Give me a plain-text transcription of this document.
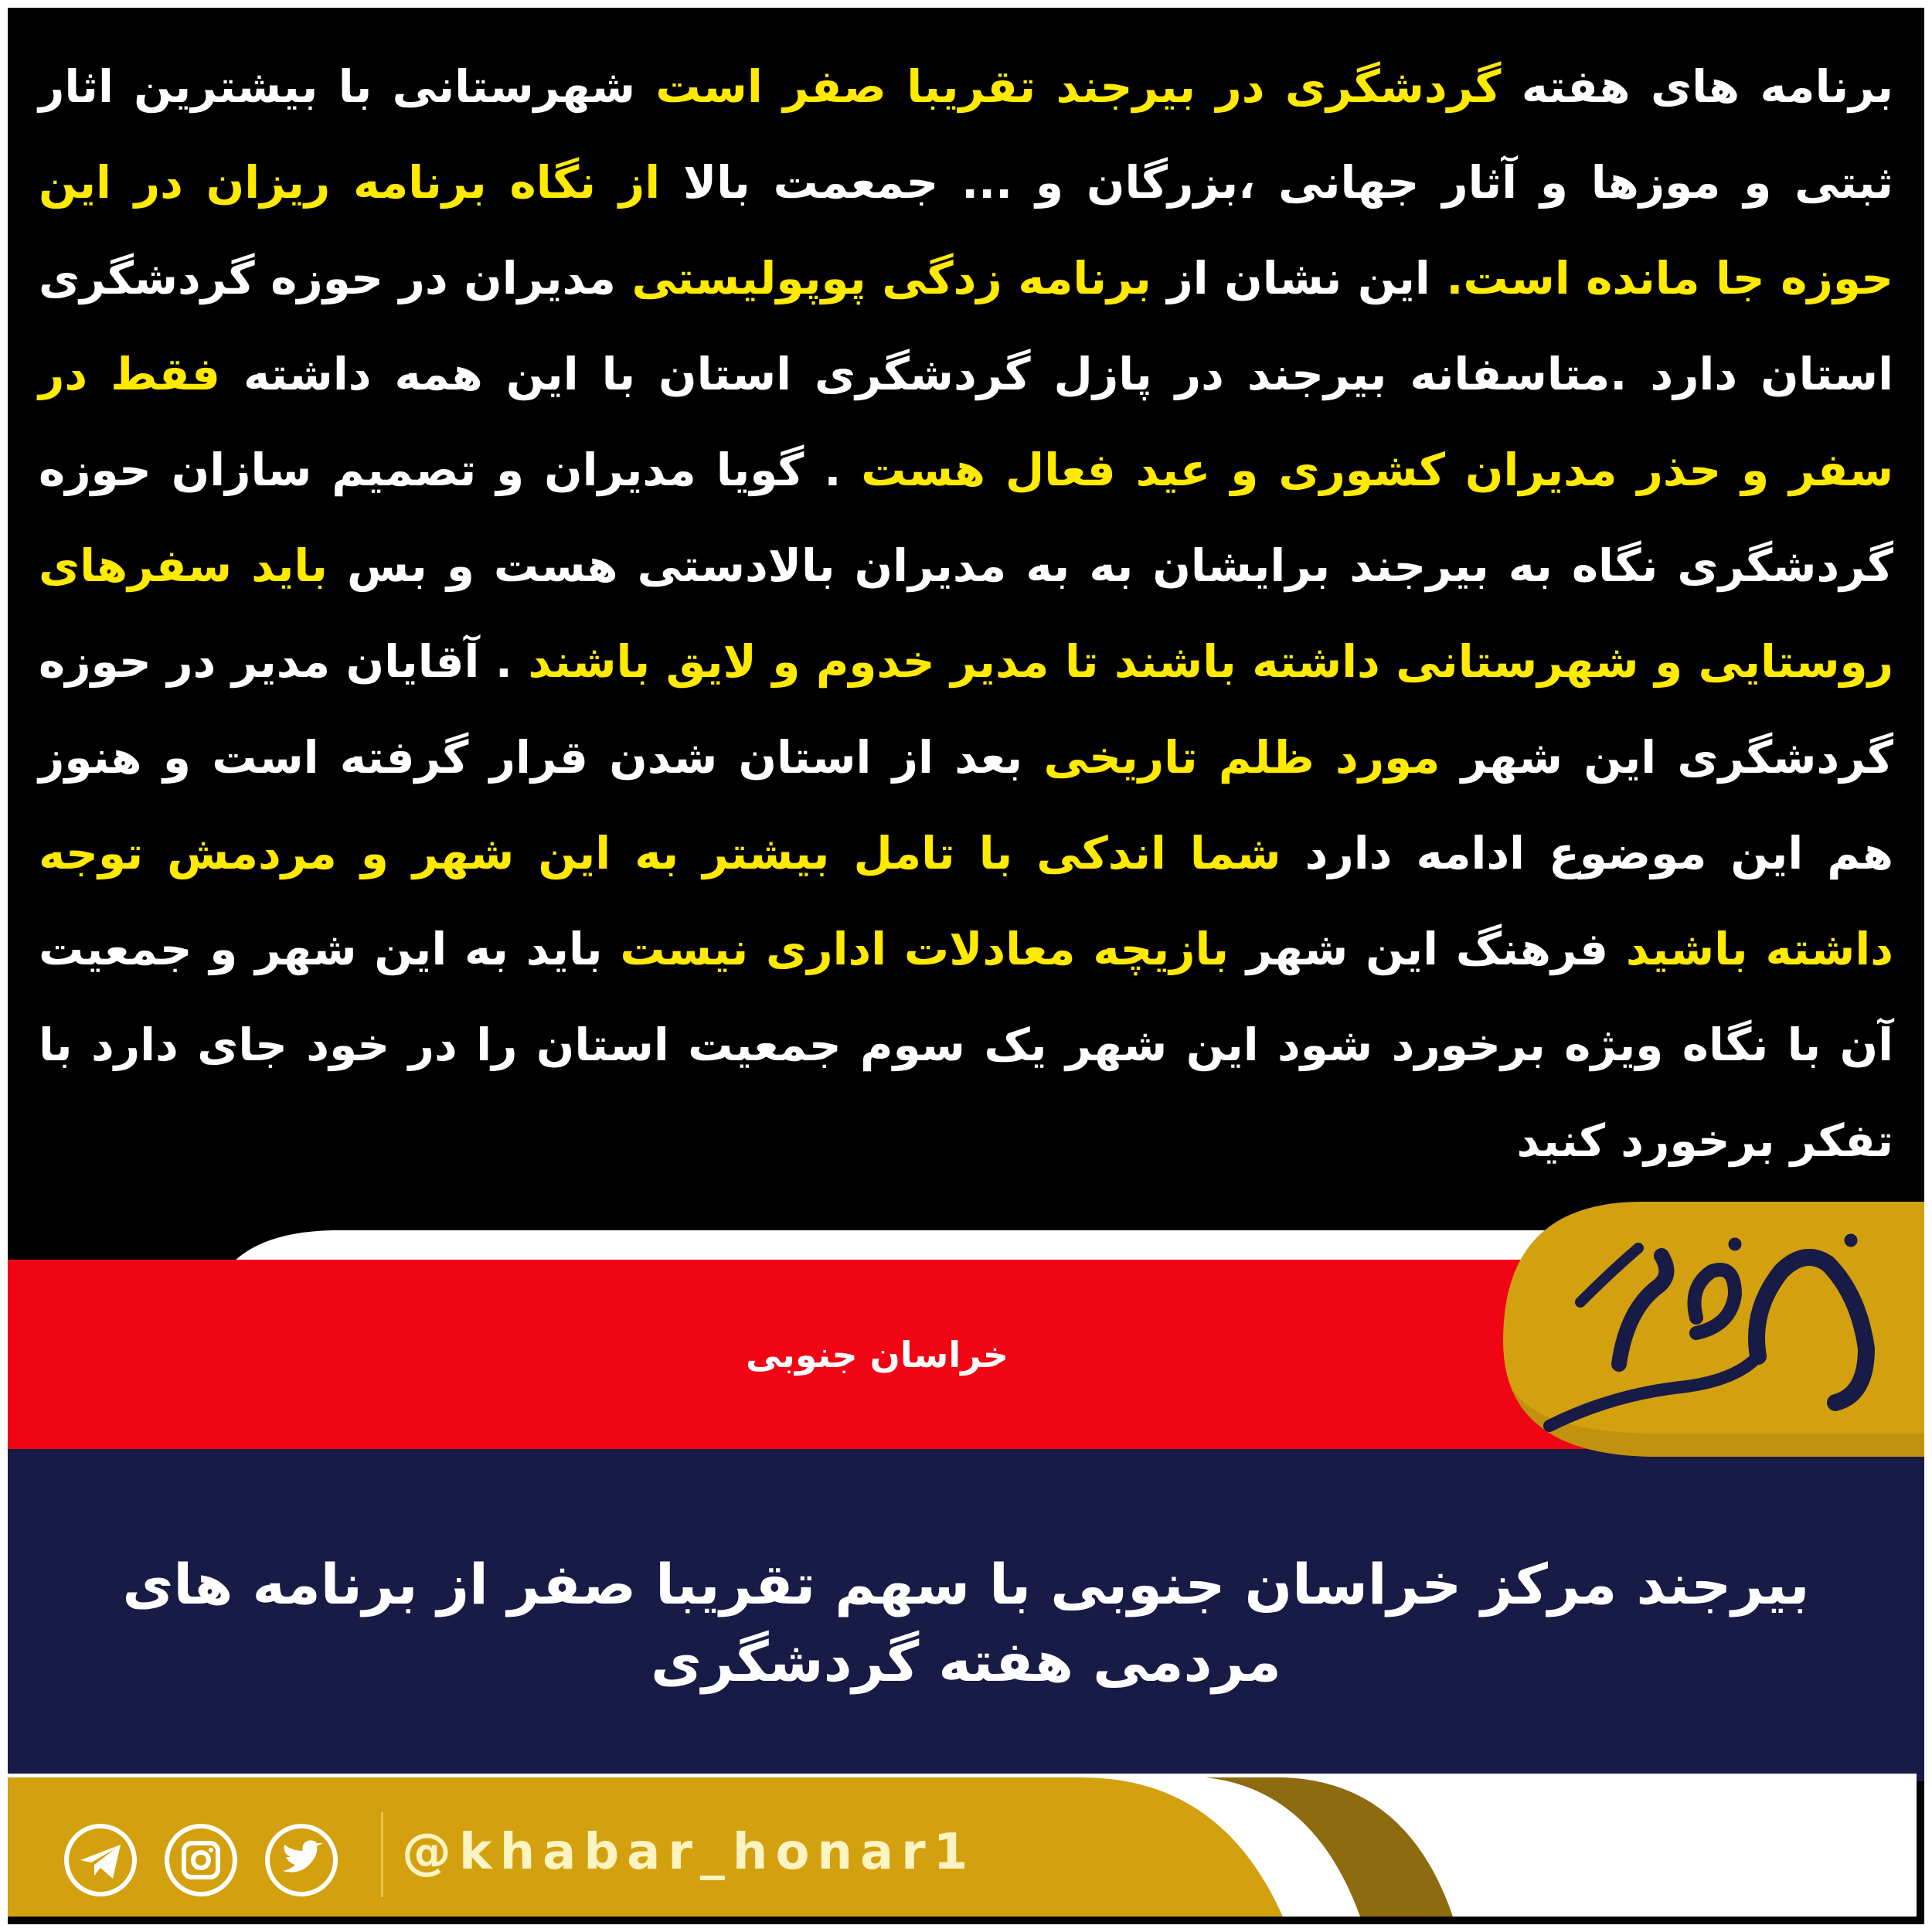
برنامه های هفته گردشگری در بیرجند تقریبا صفر است شهرستانی با بیشترین اثار ثبتی و موزها و آثار جهانی ،بزرگان و ... جمعمت بالا از نگاه برنامه ریزان در این حوزه جا مانده است. این نشان از برنامه زدگی پوپولیستی مدیران در حوزه گردشگری استان دارد .متاسفانه بیرجند در پازل گردشگری استان با این همه داشته فقط در سفر و حذر مدیران کشوری و عید فعال هست . گویا مدیران و تصمیم سازان حوزه گردشگری نگاه به بیرجند برایشان به به مدیران بالادستی هست و بس باید سفرهای روستایی و شهرستانی داشته باشند تا مدیر خدوم و لایق باشند . آقایان مدیر در حوزه گردشگری این شهر مورد ظلم تاریخی بعد از استان شدن قرار گرفته است و هنوز هم این موضوع ادامه دارد شما اندکی با تامل بیشتر به این شهر و مردمش توجه داشته باشید فرهنگ این شهر بازیچه معادلات اداری نیست باید به این شهر و جمعیت آن با نگاه ویژه برخورد شود این شهر یک سوم جمعیت استان را در خود جای دارد با تفکر برخورد کنید
خراسان جنوبی
بیرجند مرکز خراسان جنوبی با سهم تقریبا صفر از برنامه های مردمی هفته گردشگری
@khabar_honar1
